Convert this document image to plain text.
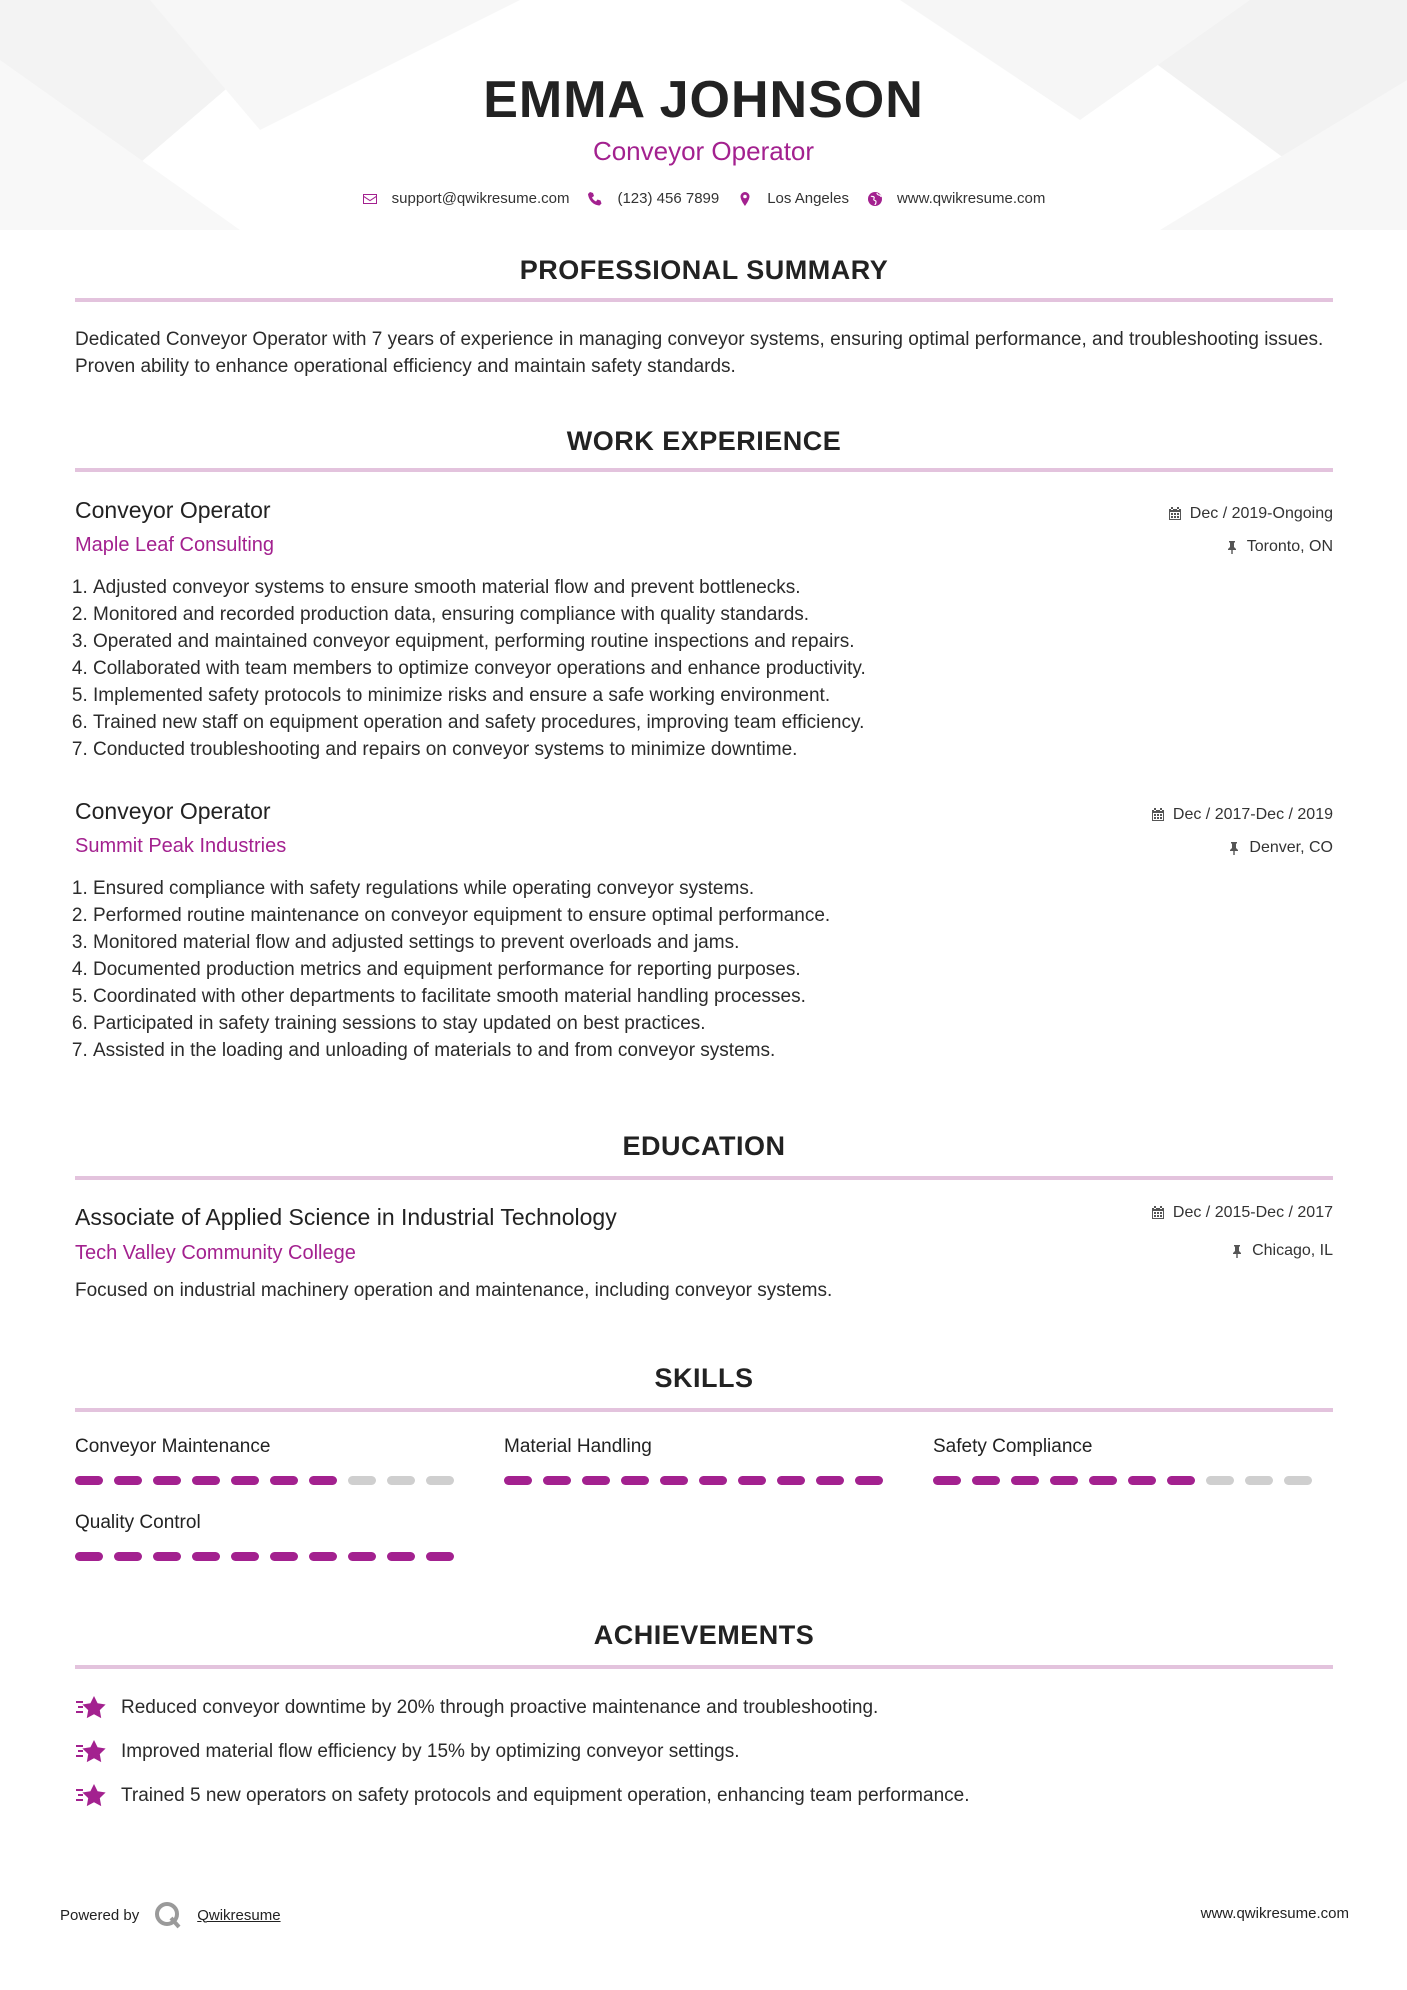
EMMA JOHNSON
Conveyor Operator
support@qwikresume.com	(123) 456 7899	Los Angeles	www.qwikresume.com
PROFESSIONAL SUMMARY
Dedicated Conveyor Operator with 7 years of experience in managing conveyor systems, ensuring optimal performance, and troubleshooting issues. Proven ability to enhance operational efficiency and maintain safety standards.
WORK EXPERIENCE
Conveyor Operator
Maple Leaf Consulting
Dec / 2019-Ongoing
Toronto, ON
1. Adjusted conveyor systems to ensure smooth material flow and prevent bottlenecks.
2. Monitored and recorded production data, ensuring compliance with quality standards.
3. Operated and maintained conveyor equipment, performing routine inspections and repairs.
4. Collaborated with team members to optimize conveyor operations and enhance productivity.
5. Implemented safety protocols to minimize risks and ensure a safe working environment.
6. Trained new staff on equipment operation and safety procedures, improving team efficiency.
7. Conducted troubleshooting and repairs on conveyor systems to minimize downtime.
Conveyor Operator
Summit Peak Industries
Dec / 2017-Dec / 2019
Denver, CO
1. Ensured compliance with safety regulations while operating conveyor systems.
2. Performed routine maintenance on conveyor equipment to ensure optimal performance.
3. Monitored material flow and adjusted settings to prevent overloads and jams.
4. Documented production metrics and equipment performance for reporting purposes.
5. Coordinated with other departments to facilitate smooth material handling processes.
6. Participated in safety training sessions to stay updated on best practices.
7. Assisted in the loading and unloading of materials to and from conveyor systems.
EDUCATION
Associate of Applied Science in Industrial Technology
Tech Valley Community College
Dec / 2015-Dec / 2017
Chicago, IL
Focused on industrial machinery operation and maintenance, including conveyor systems.
SKILLS
Conveyor Maintenance	Material Handling	Safety Compliance
Quality Control
ACHIEVEMENTS
Reduced conveyor downtime by 20% through proactive maintenance and troubleshooting.
Improved material flow efficiency by 15% by optimizing conveyor settings.
Trained 5 new operators on safety protocols and equipment operation, enhancing team performance.
Powered by	Qwikresume	www.qwikresume.com
